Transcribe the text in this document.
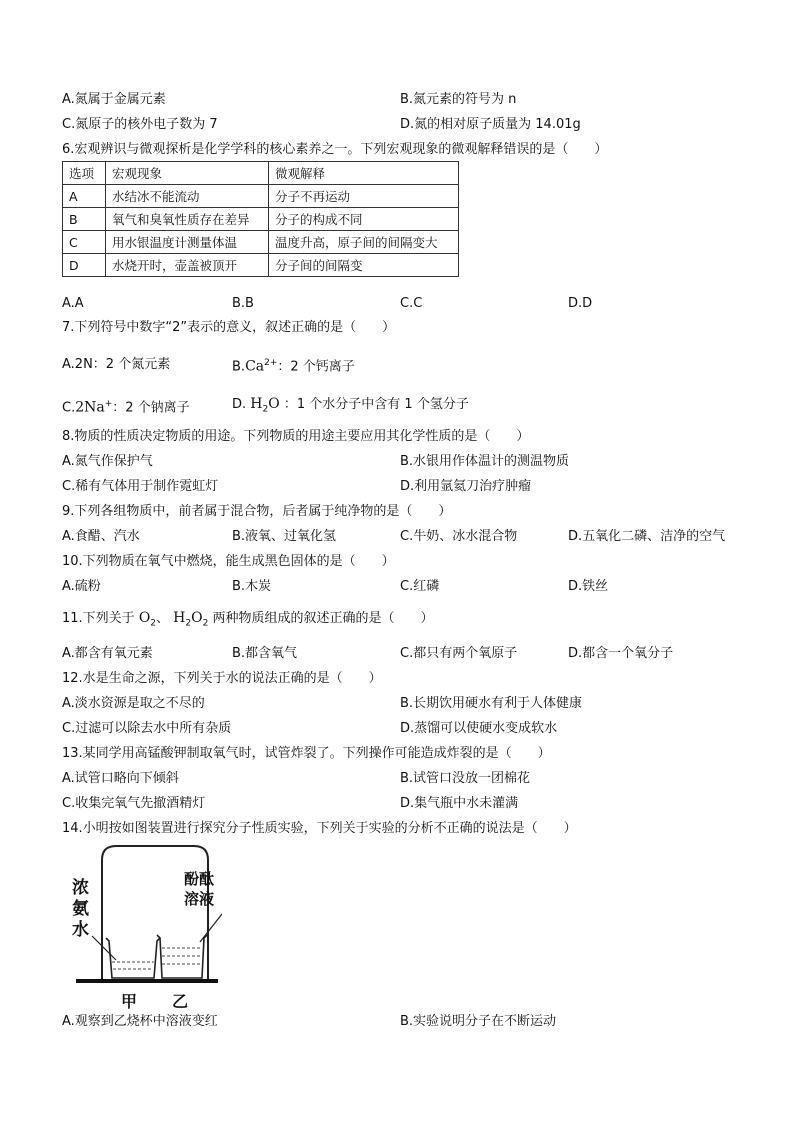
A.氮属于金属元素	B.氮元素的符号为 n
C.氮原子的核外电子数为 7	D.氮的相对原子质量为 14.01g
6.宏观辨识与微观探析是化学学科的核心素养之一。下列宏观现象的微观解释错误的是（　　）
选项	宏观现象	微观解释
A	水结冰不能流动	分子不再运动
B	氧气和臭氧性质存在差异	分子的构成不同
C	用水银温度计测量体温	温度升高，原子间的间隔变大
D	水烧开时，壶盖被顶开	分子间的间隔变
A.A	B.B	C.C	D.D
7.下列符号中数字“2”表示的意义，叙述正确的是（　　）
A.2N：2 个氮元素	$B.Ca^{2+}$：2 个钙离子
C.2Na+：2 个钠离子	D. $H_2O$ ：1 个水分子中含有 1 个氢分子
8.物质的性质决定物质的用途。下列物质的用途主要应用其化学性质的是（　　）
A.氮气作保护气	B.水银用作体温计的测温物质
C.稀有气体用于制作霓虹灯	D.利用氩氦刀治疗肿瘤
9.下列各组物质中，前者属于混合物，后者属于纯净物的是（　　）
A.食醋、汽水	B.液氧、过氧化氢	C.牛奶、冰水混合物	D.五氧化二磷、洁净的空气
10.下列物质在氧气中燃烧，能生成黑色固体的是（　　）
A.硫粉	B.木炭	C.红磷	D.铁丝
11.下列关于 $O_2$、 $H_2O_2$ 两种物质组成的叙述正确的是（　　）
A.都含有氧元素	B.都含氧气	C.都只有两个氧原子	D.都含一个氧分子
12.水是生命之源，下列关于水的说法正确的是（　　）
A.淡水资源是取之不尽的	B.长期饮用硬水有利于人体健康
C.过滤可以除去水中所有杂质	D.蒸馏可以使硬水变成软水
13.某同学用高锰酸钾制取氧气时，试管炸裂了。下列操作可能造成炸裂的是（　　）
A.试管口略向下倾斜	B.试管口没放一团棉花
C.收集完氧气先撤酒精灯	D.集气瓶中水未灌满
14.小明按如图装置进行探究分子性质实验，下列关于实验的分析不正确的说法是（　　）
浓
氨
水
酚酞
溶液
甲 乙
A.观察到乙烧杯中溶液变红	B.实验说明分子在不断运动
